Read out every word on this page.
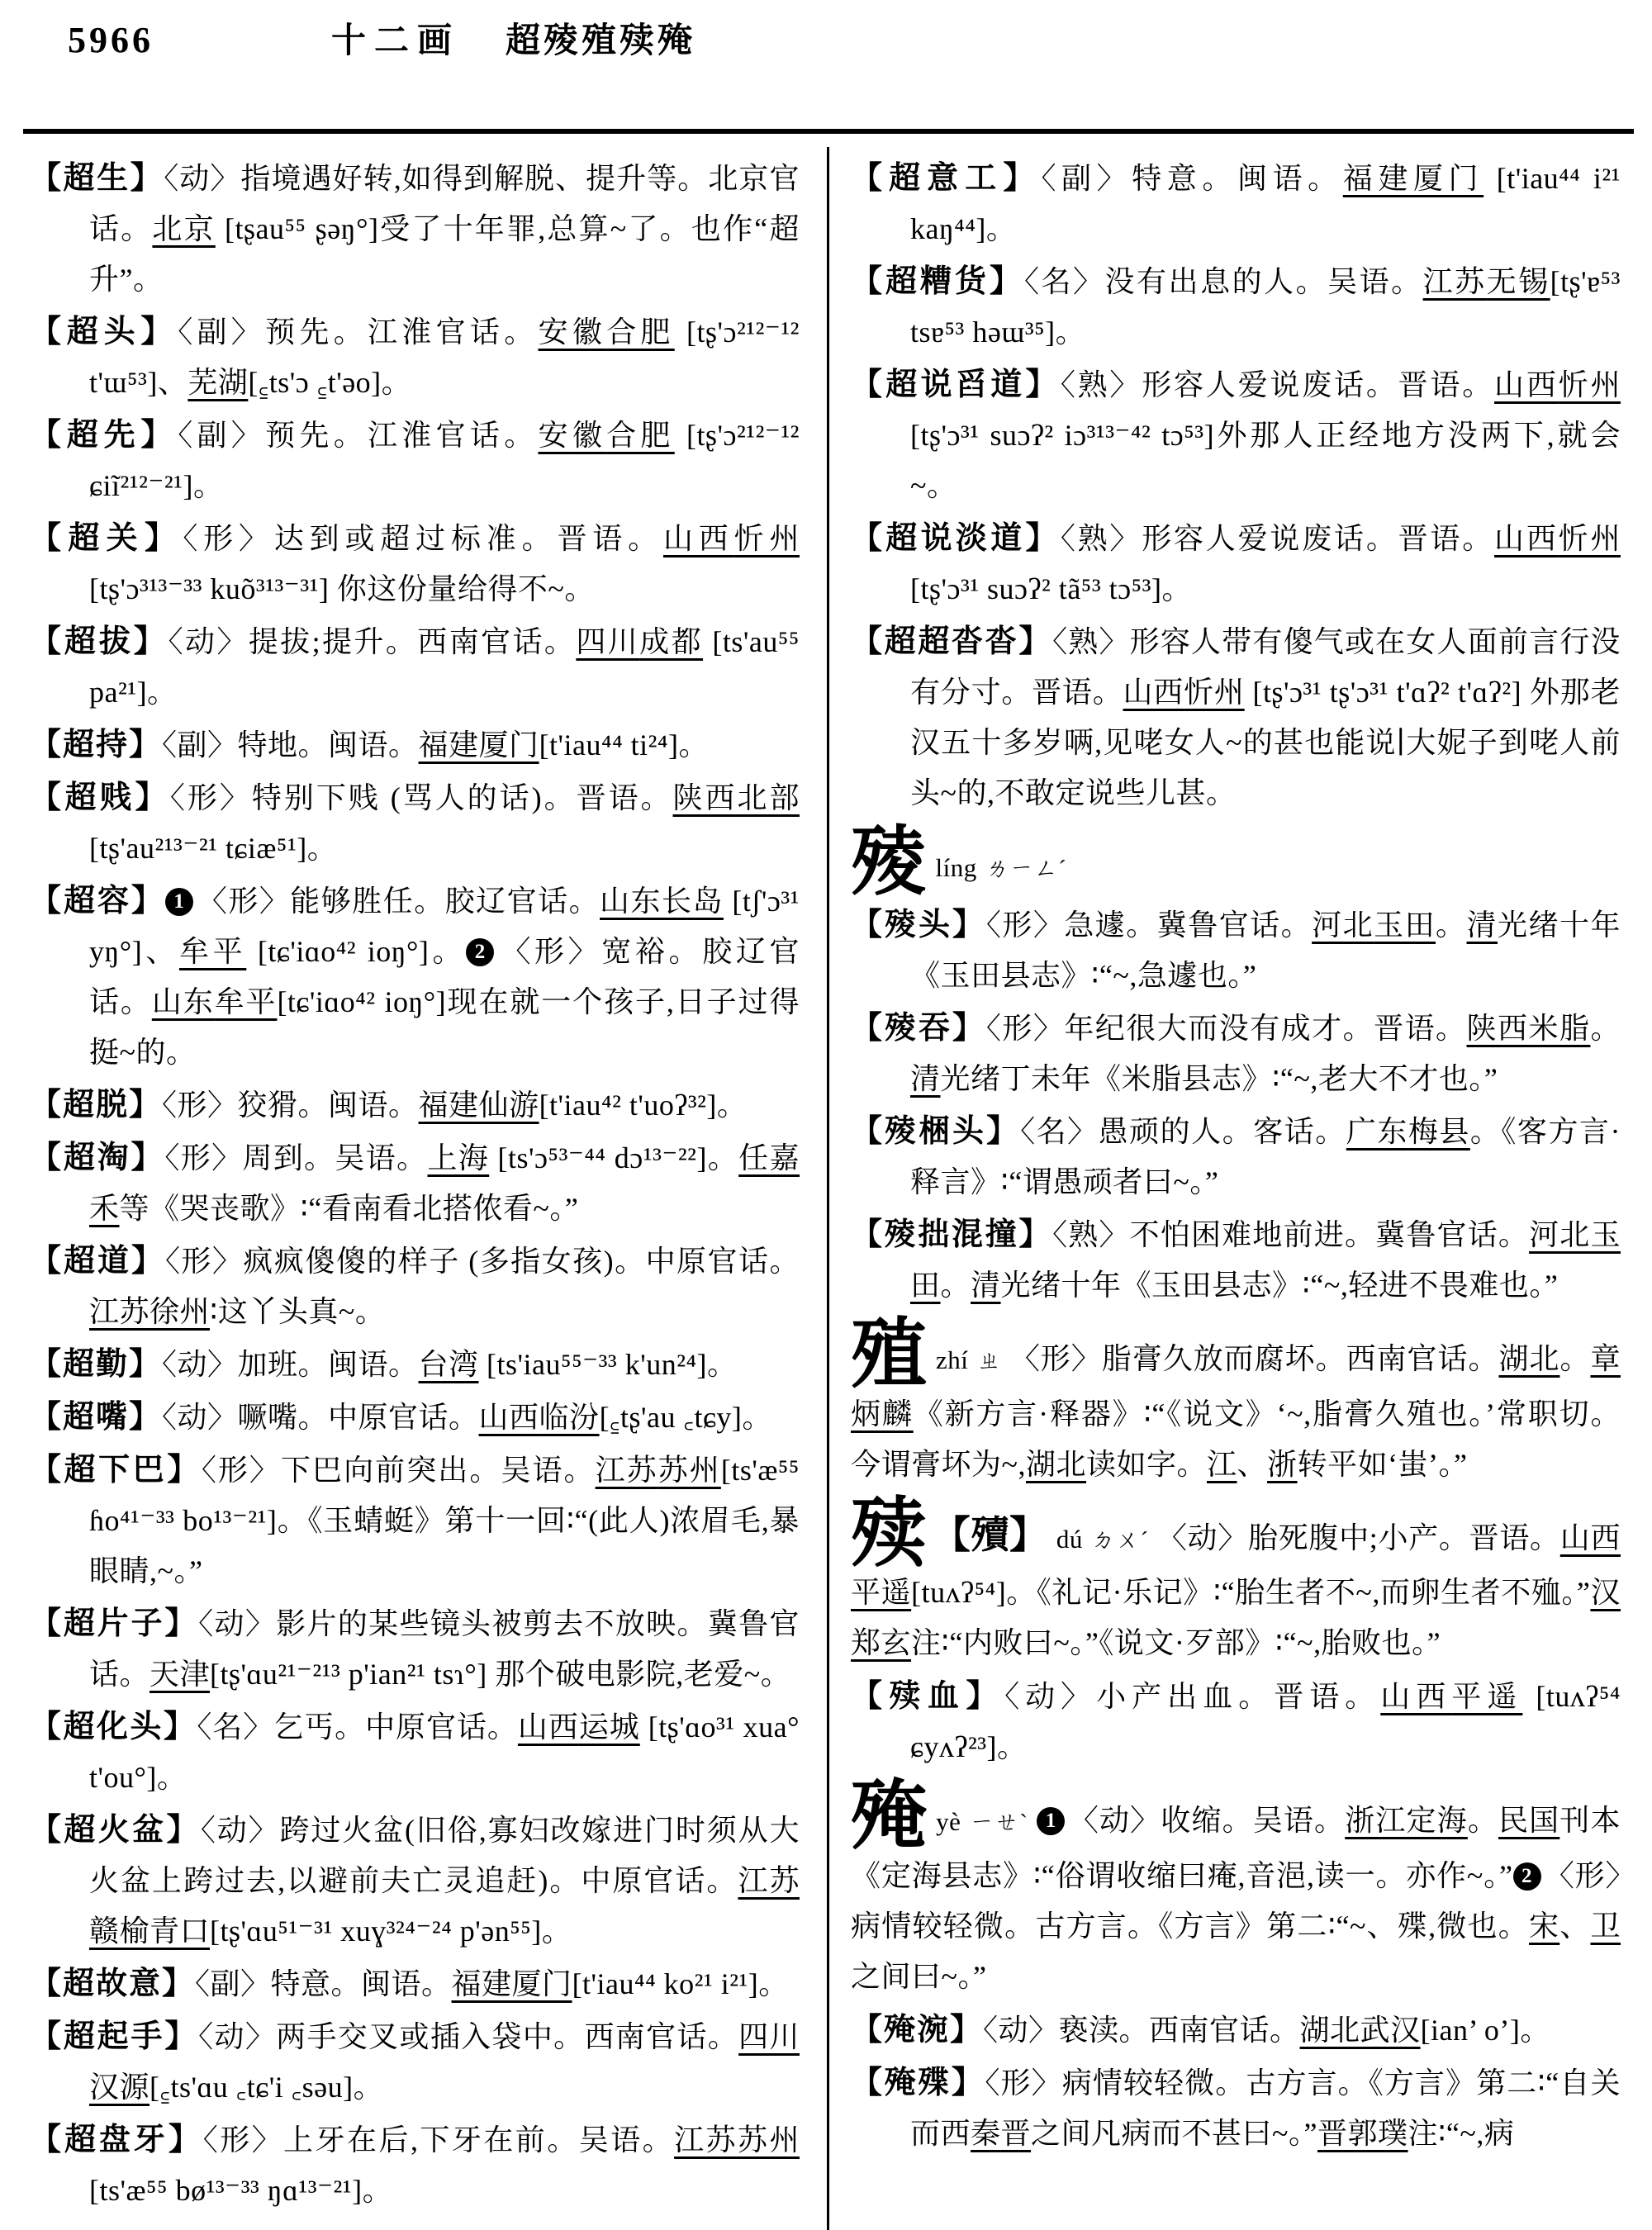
5966	十二画 超㱥殖㱩殗
【超生】〈动〉指境遇好转,如得到解脱、提升等。北京官话。北京 [tʂau⁵⁵ ʂəŋ°]受了十年罪,总算~了。也作“超升”。
【超头】〈副〉预先。江淮官话。安徽合肥 [tʂ'ɔ²¹²⁻¹² t'ɯ⁵³]、芜湖[꜁ts'ɔ ꜁t'əo]。
【超先】〈副〉预先。江淮官话。安徽合肥 [tʂ'ɔ²¹²⁻¹² ɕiĩ²¹²⁻²¹]。
【超关】〈形〉达到或超过标准。晋语。山西忻州 [tʂ'ɔ³¹³⁻³³ kuõ³¹³⁻³¹] 你这份量给得不~。
【超拔】〈动〉提拔;提升。西南官话。四川成都 [ts'au⁵⁵ pa²¹]。
【超持】〈副〉特地。闽语。福建厦门[t'iau⁴⁴ ti²⁴]。
【超贱】〈形〉特别下贱 (骂人的话)。晋语。陕西北部 [tʂ'au²¹³⁻²¹ tɕiæ⁵¹]。
【超容】 1 〈形〉能够胜任。胶辽官话。山东长岛 [tʃ'ɔ³¹ yŋ°]、牟平 [tɕ'iɑo⁴² ioŋ°]。 2 〈形〉宽裕。胶辽官话。山东牟平[tɕ'iɑo⁴² ioŋ°]现在就一个孩子,日子过得挺~的。
【超脱】〈形〉狡猾。闽语。福建仙游[t'iau⁴² t'uoʔ³²]。
【超淘】〈形〉周到。吴语。上海 [ts'ɔ⁵³⁻⁴⁴ dɔ¹³⁻²²]。任嘉禾等《哭丧歌》∶“看南看北搭侬看~。”
【超道】〈形〉疯疯傻傻的样子 (多指女孩)。中原官话。江苏徐州∶这丫头真~。
【超勤】〈动〉加班。闽语。台湾 [ts'iau⁵⁵⁻³³ k'un²⁴]。
【超嘴】〈动〉噘嘴。中原官话。山西临汾[꜁tʂ'au ꜀tɕy]。
【超下巴】〈形〉下巴向前突出。吴语。江苏苏州[ts'æ⁵⁵ ɦo⁴¹⁻³³ bo¹³⁻²¹]。《玉蜻蜓》第十一回∶“(此人)浓眉毛,暴眼睛,~。”
【超片子】〈动〉影片的某些镜头被剪去不放映。冀鲁官话。天津[tʂ'ɑu²¹⁻²¹³ p'ian²¹ tsɿ°] 那个破电影院,老爱~。
【超化头】〈名〉乞丐。中原官话。山西运城 [tʂ'ɑo³¹ xua° t'ou°]。
【超火盆】〈动〉跨过火盆(旧俗,寡妇改嫁进门时须从大火盆上跨过去,以避前夫亡灵追赶)。中原官话。江苏赣榆青口[tʂ'ɑu⁵¹⁻³¹ xuɣ³²⁴⁻²⁴ p'ən⁵⁵]。
【超故意】〈副〉特意。闽语。福建厦门[t'iau⁴⁴ ko²¹ i²¹]。
【超起手】〈动〉两手交叉或插入袋中。西南官话。四川汉源[꜁ts'ɑu ꜀tɕ'i ꜀səu]。
【超盘牙】〈形〉上牙在后,下牙在前。吴语。江苏苏州[ts'æ⁵⁵ bø¹³⁻³³ ŋɑ¹³⁻²¹]。
【超意工】〈副〉特意。闽语。福建厦门 [t'iau⁴⁴ i²¹ kaŋ⁴⁴]。
【超糟货】〈名〉没有出息的人。吴语。江苏无锡[tʂ'ɐ⁵³ tsɐ⁵³ həɯ³⁵]。
【超说舀道】〈熟〉形容人爱说废话。晋语。山西忻州 [tʂ'ɔ³¹ suɔʔ² iɔ³¹³⁻⁴² tɔ⁵³]外那人正经地方没两下,就会~。
【超说淡道】〈熟〉形容人爱说废话。晋语。山西忻州 [tʂ'ɔ³¹ suɔʔ² tã⁵³ tɔ⁵³]。
【超超沓沓】〈熟〉形容人带有傻气或在女人面前言行没有分寸。晋语。山西忻州 [tʂ'ɔ³¹ tʂ'ɔ³¹ t'ɑʔ² t'ɑʔ²] 外那老汉五十多岁唡,见咾女人~的甚也能说∣大妮子到咾人前头~的,不敢定说些儿甚。
㱥líng ㄌㄧㄥˊ
【㱥头】〈形〉急遽。冀鲁官话。河北玉田。清光绪十年《玉田县志》∶“~,急遽也。”
【㱥吞】〈形〉年纪很大而没有成才。晋语。陕西米脂。清光绪丁未年《米脂县志》∶“~,老大不才也。”
【㱥梱头】〈名〉愚顽的人。客话。广东梅县。《客方言·释言》∶“谓愚顽者曰~。”
【㱥拙混撞】〈熟〉不怕困难地前进。冀鲁官话。河北玉田。清光绪十年《玉田县志》∶“~,轻进不畏难也。”
殖zhí ㄓ 〈形〉脂膏久放而腐坏。西南官话。湖北。章炳麟《新方言·释器》∶“《说文》‘~,脂膏久殖也。’常职切。今谓膏坏为~,湖北读如字。江、浙转平如‘蚩’。”
㱩 【殰】 dú ㄉㄨˊ 〈动〉胎死腹中;小产。晋语。山西平遥[tuʌʔ⁵⁴]。《礼记·乐记》∶“胎生者不~,而卵生者不殈。”汉郑玄注∶“内败曰~。”《说文·歹部》∶“~,胎败也。”
【㱩血】〈动〉小产出血。晋语。山西平遥 [tuʌʔ⁵⁴ ɕyʌʔ²³]。
殗yè ㄧㄝˋ 1 〈动〉收缩。吴语。浙江定海。民国刊本《定海县志》∶“俗谓收缩曰痷,音浥,读一。亦作~。” 2 〈形〉病情较轻微。古方言。《方言》第二∶“~、殜,微也。宋、卫之间曰~。”
【殗涴】〈动〉亵渎。西南官话。湖北武汉[ian’ o’]。
【殗殜】〈形〉病情较轻微。古方言。《方言》第二∶“自关而西秦晋之间凡病而不甚曰~。”晋郭璞注∶“~,病
